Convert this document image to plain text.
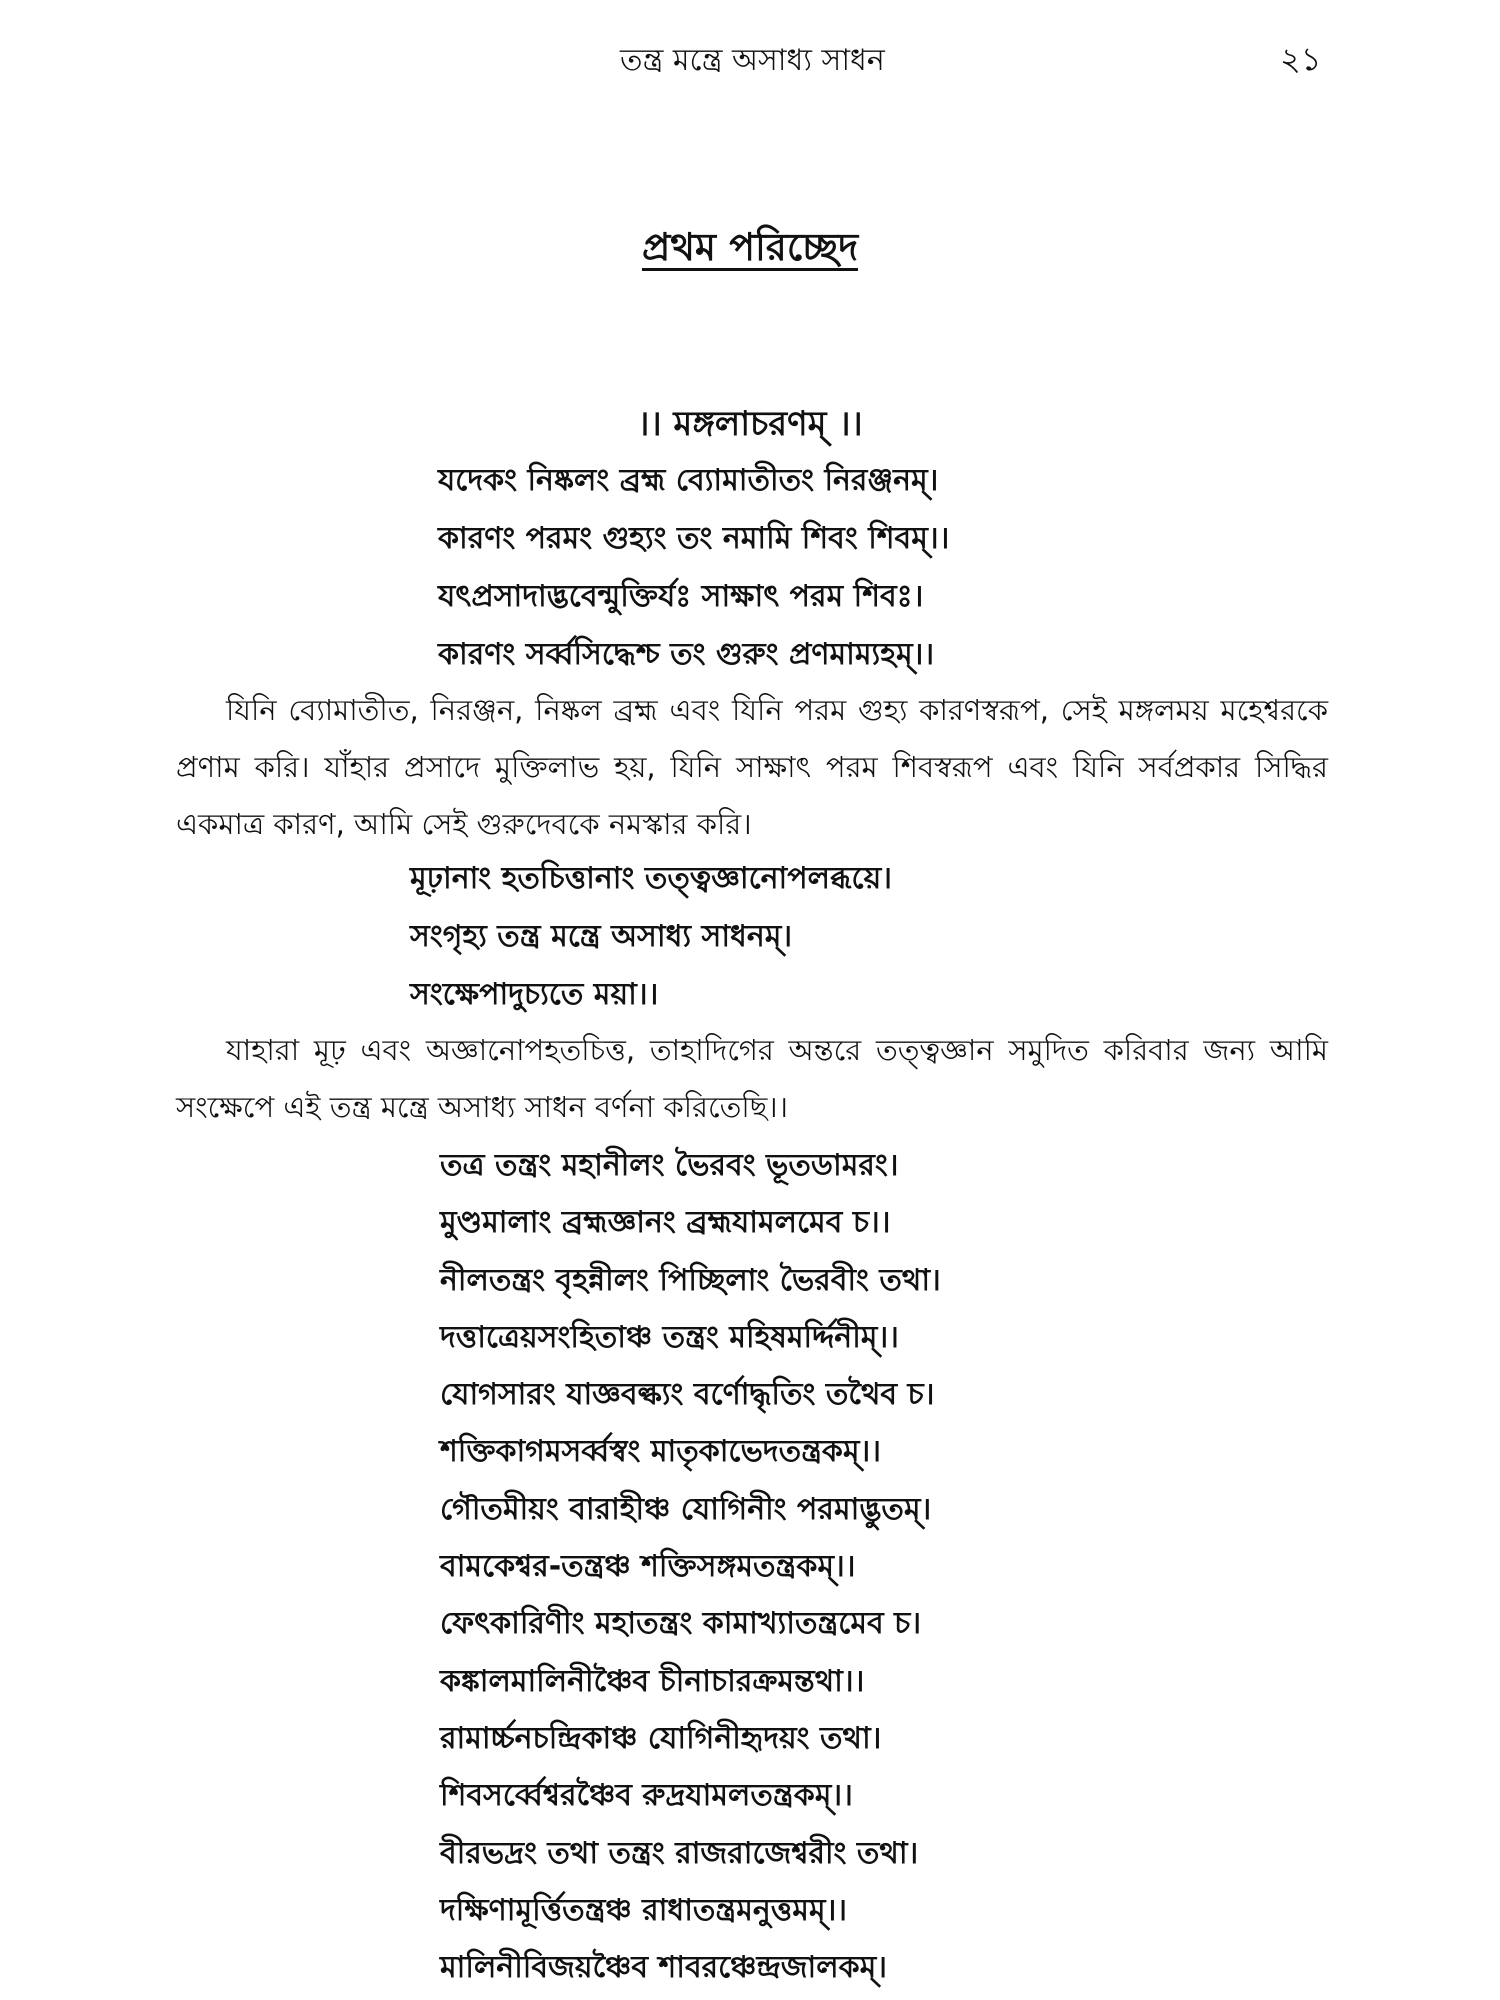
তন্ত্র মন্ত্রে অসাধ্য সাধন	২১
প্রথম পরিচ্ছেদ
।। মঙ্গলাচরণম্ ।।
যদেকং নিষ্কলং ব্রহ্ম ব্যোমাতীতং নিরঞ্জনম্।
কারণং পরমং গুহ্যং তং নমামি শিবং শিবম্।।
যৎপ্রসাদাদ্ভবেন্মুক্তির্যঃ সাক্ষাৎ পরম শিবঃ।
কারণং সর্ব্বসিদ্ধেশ্চ তং গুরুং প্রণমাম্যহম্।।

যিনি ব্যোমাতীত, নিরঞ্জন, নিষ্কল ব্রহ্ম এবং যিনি পরম গুহ্য কারণস্বরূপ, সেই মঙ্গলময় মহেশ্বরকে প্রণাম করি। যাঁহার প্রসাদে মুক্তিলাভ হয়, যিনি সাক্ষাৎ পরম শিবস্বরূপ এবং যিনি সর্বপ্রকার সিদ্ধির একমাত্র কারণ, আমি সেই গুরুদেবকে নমস্কার করি।

মূঢ়ানাং হতচিত্তানাং তত্ত্বজ্ঞানোপলব্ধয়ে।
সংগৃহ্য তন্ত্র মন্ত্রে অসাধ্য সাধনম্।
সংক্ষেপাদুচ্যতে ময়া।।

যাহারা মূঢ় এবং অজ্ঞানোপহতচিত্ত, তাহাদিগের অন্তরে তত্ত্বজ্ঞান সমুদিত করিবার জন্য আমি সংক্ষেপে এই তন্ত্র মন্ত্রে অসাধ্য সাধন বর্ণনা করিতেছি।।

তত্র তন্ত্রং মহানীলং ভৈরবং ভূতডামরং।
মুণ্ডমালাং ব্রহ্মজ্ঞানং ব্রহ্মযামলমেব চ।।
নীলতন্ত্রং বৃহন্নীলং পিচ্ছিলাং ভৈরবীং তথা।
দত্তাত্রেয়সংহিতাঞ্চ তন্ত্রং মহিষমর্দ্দিনীম্।।
যোগসারং যাজ্ঞবল্ক্যং বর্ণোদ্ধৃতিং তথৈব চ।
শক্তিকাগমসর্ব্বস্বং মাতৃকাভেদতন্ত্রকম্।।
গৌতমীয়ং বারাহীঞ্চ যোগিনীং পরমাদ্ভুতম্।
বামকেশ্বর-তন্ত্রঞ্চ শক্তিসঙ্গমতন্ত্রকম্।।
ফেৎকারিণীং মহাতন্ত্রং কামাখ্যাতন্ত্রমেব চ।
কঙ্কালমালিনীঞ্চৈব চীনাচারক্রমন্তথা।।
রামার্চ্চনচন্দ্রিকাঞ্চ যোগিনীহৃদয়ং তথা।
শিবসর্ব্বেশ্বরঞ্চৈব রুদ্রযামলতন্ত্রকম্।।
বীরভদ্রং তথা তন্ত্রং রাজরাজেশ্বরীং তথা।
দক্ষিণামূর্ত্তিতন্ত্রঞ্চ রাধাতন্ত্রমনুত্তমম্।।
মালিনীবিজয়ঞ্চৈব শাবরঞ্চেন্দ্রজালকম্।
